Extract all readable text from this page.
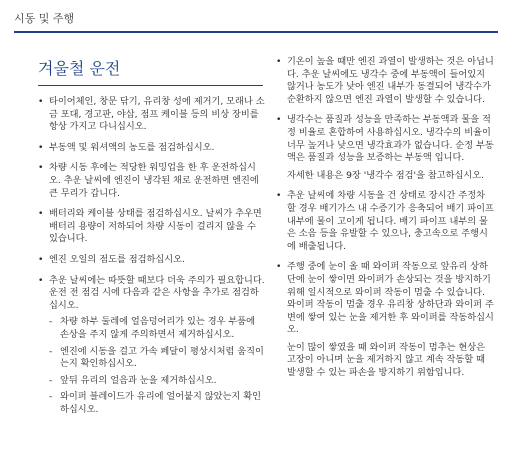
시동 및 주행
겨울철 운전
• 타이어체인, 창문 닦기, 유리창 성에 제거기, 모래나 소금 포대, 경고판, 야삽, 점프 케이블 등의 비상 장비를 항상 가지고 다니십시오.
• 부동액 및 워셔액의 농도를 점검하십시오.
• 차량 시동 후에는 적당한 워밍업을 한 후 운전하십시오. 추운 날씨에 엔진이 냉각된 채로 운전하면 엔진에 큰 무리가 갑니다.
• 배터리와 케이블 상태를 점검하십시오. 날씨가 추우면 배터리 용량이 저하되어 차량 시동이 걸리지 않을 수 있습니다.
• 엔진 오일의 점도를 점검하십시오.
• 추운 날씨에는 따뜻할 때보다 더욱 주의가 필요합니다. 운전 전 점검 시에 다음과 같은 사항을 추가로 점검하십시오.
- 차량 하부 둘레에 얼음덩어리가 있는 경우 부품에 손상을 주지 않게 주의하면서 제거하십시오.
- 엔진에 시동을 걸고 가속 페달이 평상시처럼 움직이는지 확인하십시오.
- 앞뒤 유리의 얼음과 눈을 제거하십시오.
- 와이퍼 블레이드가 유리에 얼어붙지 않았는지 확인하십시오.
• 기온이 높을 때만 엔진 과열이 발생하는 것은 아닙니다. 추운 날씨에도 냉각수 중에 부동액이 들어있지 않거나 농도가 낮아 엔진 내부가 동결되어 냉각수가 순환하지 않으면 엔진 과열이 발생할 수 있습니다.
• 냉각수는 품질과 성능을 만족하는 부동액과 물을 적정 비율로 혼합하여 사용하십시오. 냉각수의 비율이 너무 높거나 낮으면 냉각효과가 없습니다. 순정 부동액은 품질과 성능을 보증하는 부동액 입니다.
자세한 내용은 9장 '냉각수 점검'을 참고하십시오.
• 추운 날씨에 차량 시동을 건 상태로 장시간 주정차 할 경우 배기가스 내 수증기가 응축되어 배기 파이프 내부에 물이 고이게 됩니다. 배기 파이프 내부의 물은 소음 등을 유발할 수 있으나, 충고속으로 주행시에 배출됩니다.
• 주행 중에 눈이 올 때 와이퍼 작동으로 앞유리 상하단에 눈이 쌓이면 와이퍼가 손상되는 것을 방지하기 위해 일시적으로 와이퍼 작동이 멈출 수 있습니다. 와이퍼 작동이 멈출 경우 유리창 상하단과 와이퍼 주변에 쌓여 있는 눈을 제거한 후 와이퍼를 작동하십시오.
눈이 많이 쌓였을 때 와이퍼 작동이 멈추는 현상은 고장이 아니며 눈을 제거하지 않고 계속 작동할 때 발생할 수 있는 파손을 방지하기 위함입니다.
